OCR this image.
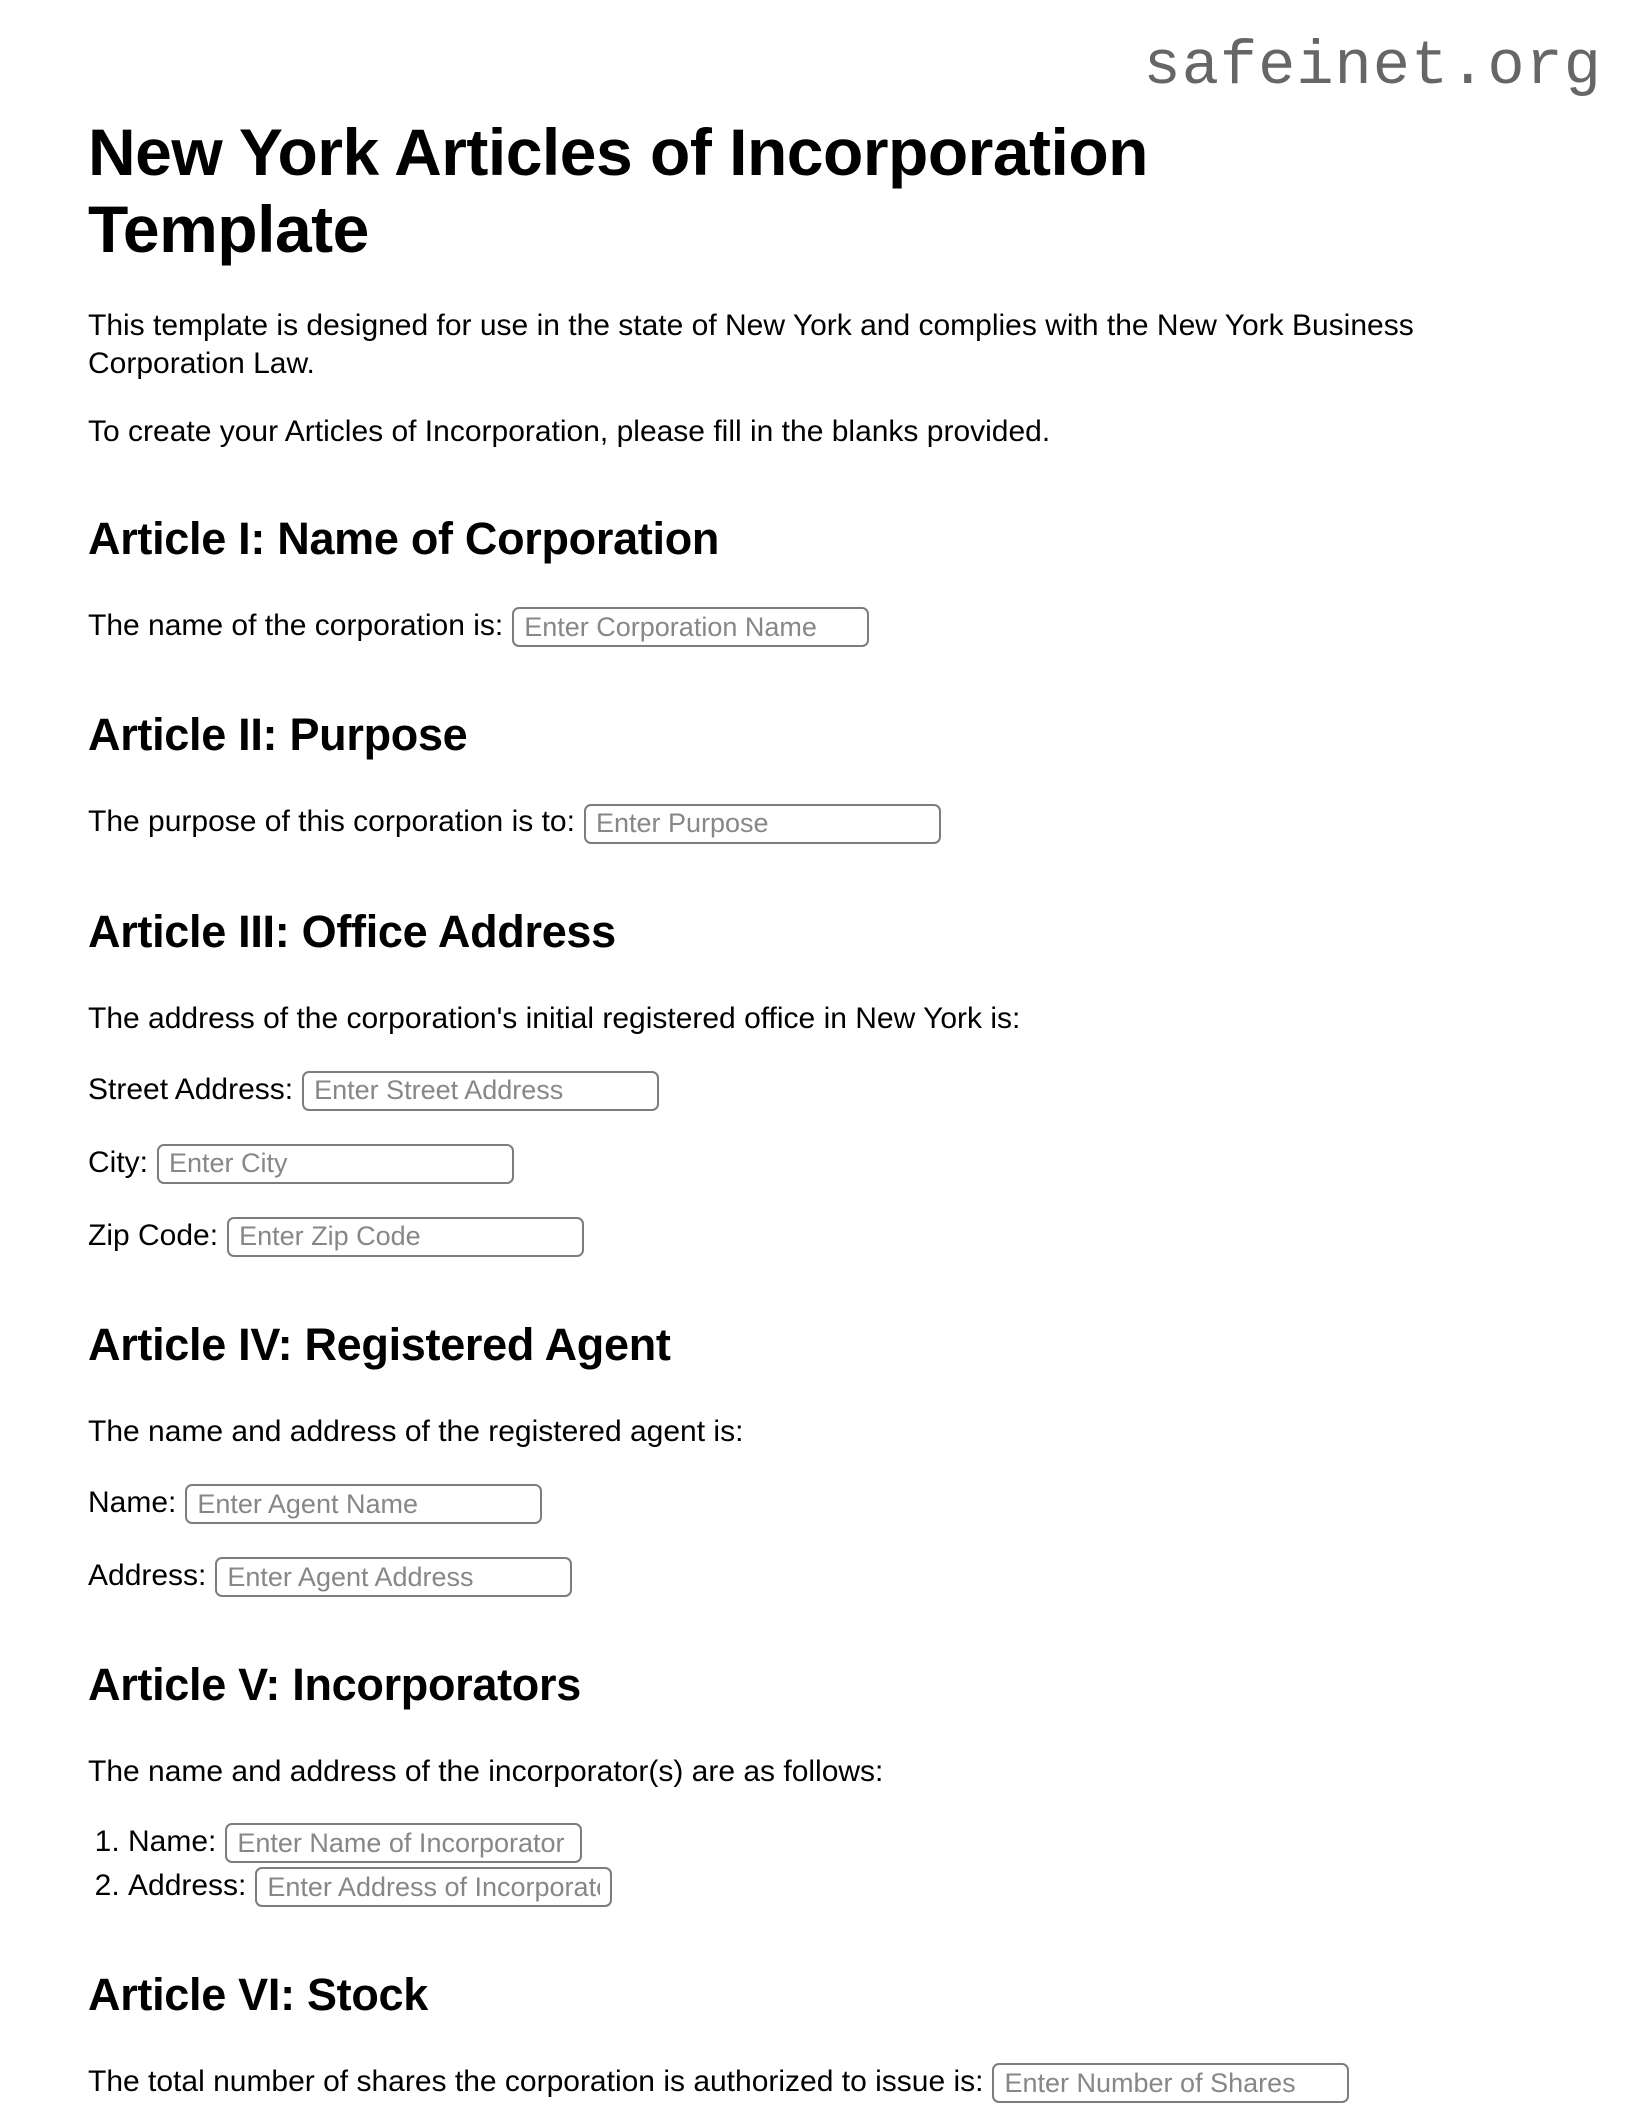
safeinet.org
New York Articles of Incorporation Template

This template is designed for use in the state of New York and complies with the New York Business Corporation Law.

To create your Articles of Incorporation, please fill in the blanks provided.

Article I: Name of Corporation

The name of the corporation is:Enter Corporation Name

Article II: Purpose

The purpose of this corporation is to:Enter Purpose

Article III: Office Address

The address of the corporation's initial registered office in New York is:

Street Address:Enter Street Address

City:Enter City

Zip Code:Enter Zip Code

Article IV: Registered Agent

The name and address of the registered agent is:

Name:Enter Agent Name

Address:Enter Agent Address

Article V: Incorporators

The name and address of the incorporator(s) are as follows:

1. Name:Enter Name of Incorporator
2. Address:Enter Address of Incorporator
Article VI: Stock

The total number of shares the corporation is authorized to issue is:Enter Number of Shares
